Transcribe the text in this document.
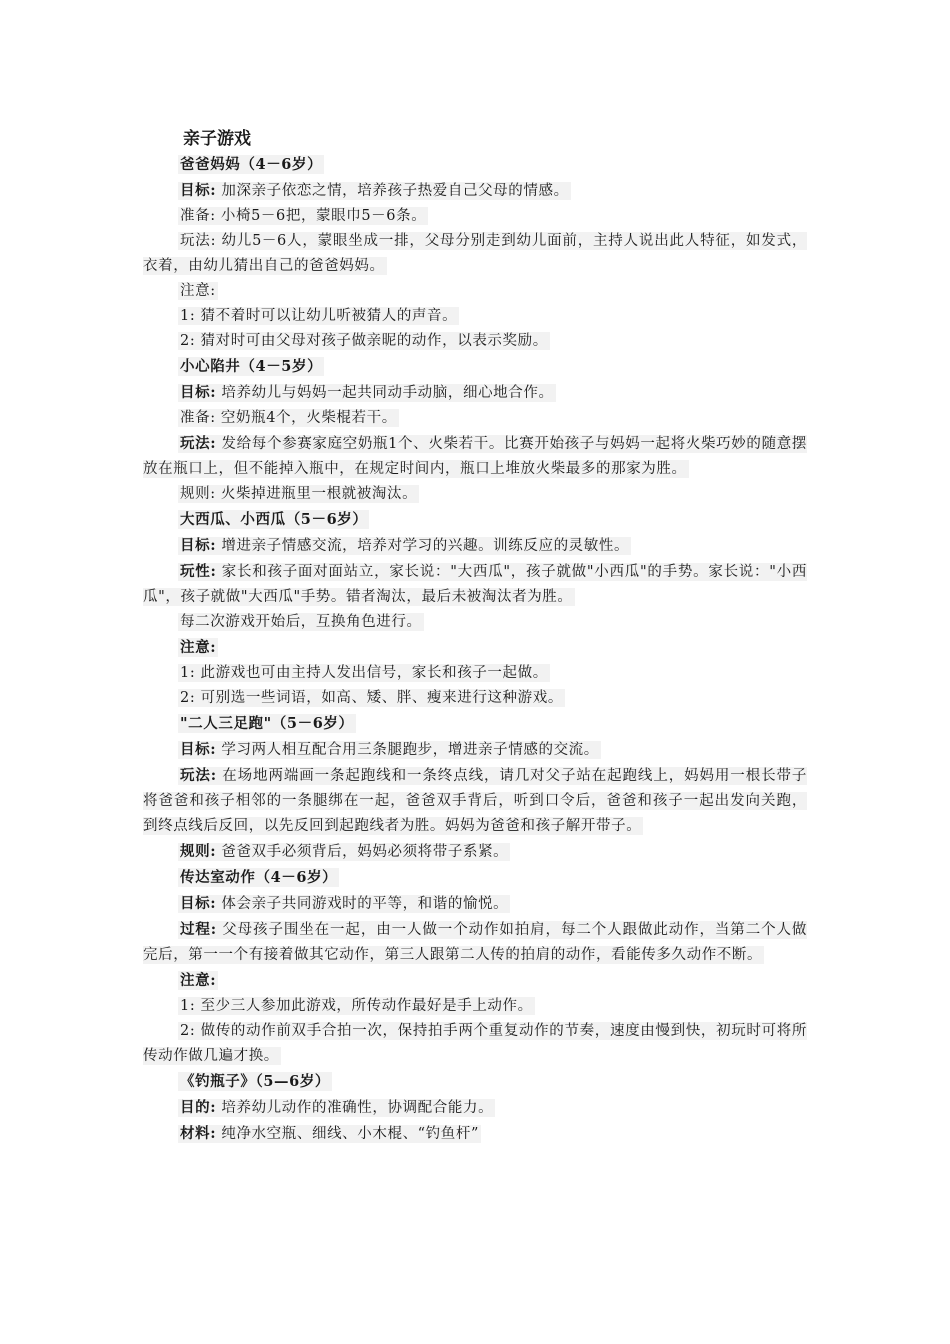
亲子游戏
爸爸妈妈（4－6岁）
目标: 加深亲子依恋之情，培养孩子热爱自己父母的情感。
准备: 小椅5－6把，蒙眼巾5－6条。
玩法: 幼儿5－6人，蒙眼坐成一排，父母分别走到幼儿面前，主持人说出此人特征，如发式，衣着，由幼儿猜出自己的爸爸妈妈。
注意:
1: 猜不着时可以让幼儿听被猜人的声音。
2: 猜对时可由父母对孩子做亲昵的动作，以表示奖励。
小心陷井（4－5岁）
目标: 培养幼儿与妈妈一起共同动手动脑，细心地合作。
准备: 空奶瓶4个，火柴棍若干。
玩法: 发给每个参赛家庭空奶瓶1个、火柴若干。比赛开始孩子与妈妈一起将火柴巧妙的随意摆放在瓶口上，但不能掉入瓶中，在规定时间内，瓶口上堆放火柴最多的那家为胜。
规则: 火柴掉进瓶里一根就被淘汰。
大西瓜、小西瓜（5－6岁）
目标: 增进亲子情感交流，培养对学习的兴趣。训练反应的灵敏性。
玩性: 家长和孩子面对面站立，家长说："大西瓜"，孩子就做"小西瓜"的手势。家长说："小西瓜"，孩子就做"大西瓜"手势。错者淘汰，最后未被淘汰者为胜。
每二次游戏开始后，互换角色进行。
注意:
1: 此游戏也可由主持人发出信号，家长和孩子一起做。
2: 可别选一些词语，如高、矮、胖、瘦来进行这种游戏。
"二人三足跑"（5－6岁）
目标: 学习两人相互配合用三条腿跑步，增进亲子情感的交流。
玩法: 在场地两端画一条起跑线和一条终点线，请几对父子站在起跑线上，妈妈用一根长带子将爸爸和孩子相邻的一条腿绑在一起，爸爸双手背后，听到口令后，爸爸和孩子一起出发向关跑，到终点线后反回，以先反回到起跑线者为胜。妈妈为爸爸和孩子解开带子。
规则: 爸爸双手必须背后，妈妈必须将带子系紧。
传达室动作（4－6岁）
目标: 体会亲子共同游戏时的平等，和谐的愉悦。
过程: 父母孩子围坐在一起，由一人做一个动作如拍肩，每二个人跟做此动作，当第二个人做完后，第一一个有接着做其它动作，第三人跟第二人传的拍肩的动作，看能传多久动作不断。
注意:
1: 至少三人参加此游戏，所传动作最好是手上动作。
2: 做传的动作前双手合拍一次，保持拍手两个重复动作的节奏，速度由慢到快，初玩时可将所传动作做几遍才换。
《钓瓶子》（5—6岁）
目的: 培养幼儿动作的准确性，协调配合能力。
材料: 纯净水空瓶、细线、小木棍、“钓鱼杆”
